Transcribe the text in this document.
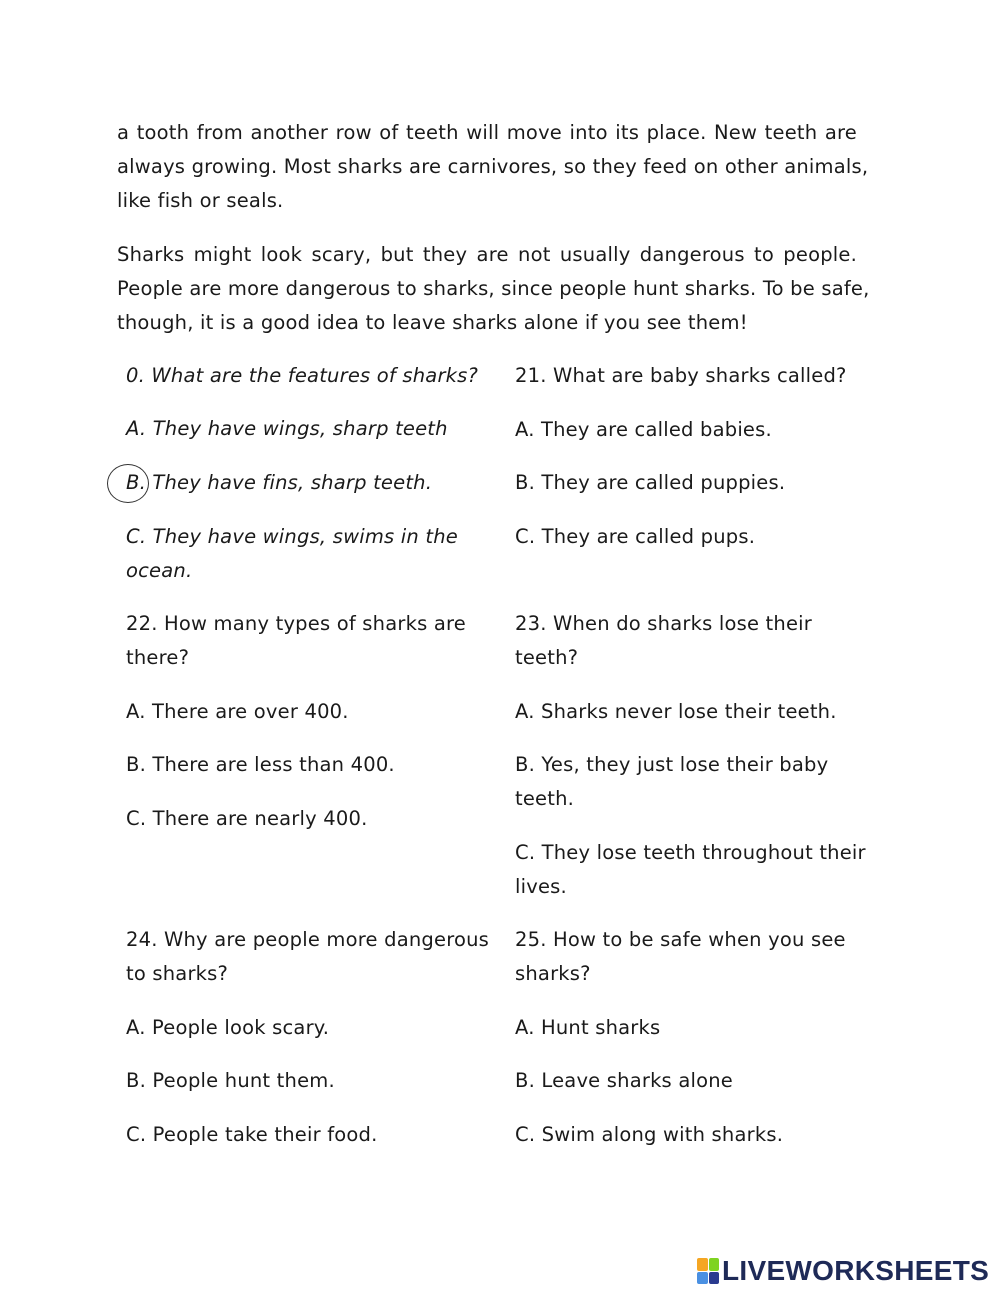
a tooth from another row of teeth will move into its place. New teeth are
always growing. Most sharks are carnivores, so they feed on other animals,
like fish or seals.
Sharks might look scary, but they are not usually dangerous to people.
People are more dangerous to sharks, since people hunt sharks. To be safe,
though, it is a good idea to leave sharks alone if you see them!
0. What are the features of sharks?
A. They have wings, sharp teeth
B. They have fins, sharp teeth.
C. They have wings, swims in the
ocean.
21. What are baby sharks called?
A. They are called babies.
B. They are called puppies.
C. They are called pups.
22. How many types of sharks are
there?
A. There are over 400.
B. There are less than 400.
C. There are nearly 400.
23. When do sharks lose their
teeth?
A. Sharks never lose their teeth.
B. Yes, they just lose their baby
teeth.
C. They lose teeth throughout their
lives.
24. Why are people more dangerous
to sharks?
A. People look scary.
B. People hunt them.
C. People take their food.
25. How to be safe when you see
sharks?
A. Hunt sharks
B. Leave sharks alone
C. Swim along with sharks.
LIVEWORKSHEETS
